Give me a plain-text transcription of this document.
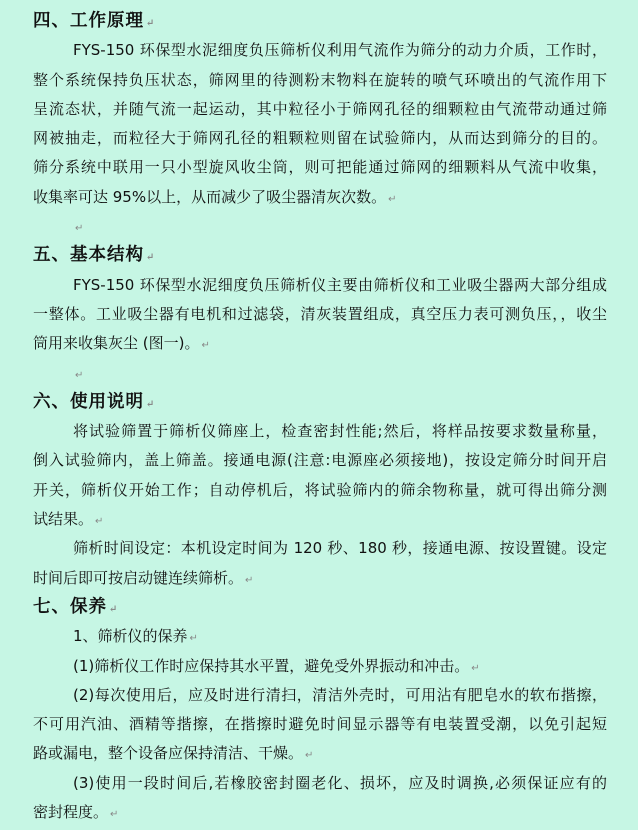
四、工作原理 ↵
FYS-150 环保型水泥细度负压筛析仪利用气流作为筛分的动力介质，工作时，
整个系统保持负压状态，筛网里的待测粉末物料在旋转的喷气环喷出的气流作用下
呈流态状，并随气流一起运动，其中粒径小于筛网孔径的细颗粒由气流带动通过筛
网被抽走，而粒径大于筛网孔径的粗颗粒则留在试验筛内，从而达到筛分的目的。
筛分系统中联用一只小型旋风收尘筒，则可把能通过筛网的细颗料从气流中收集，
收集率可达 95%以上，从而减少了吸尘器清灰次数。 ↵
↵
五、基本结构 ↵
FYS-150 环保型水泥细度负压筛析仪主要由筛析仪和工业吸尘器两大部分组成
一整体。工业吸尘器有电机和过滤袋，清灰装置组成，真空压力表可测负压，，收尘
筒用来收集灰尘 (图一)。 ↵
↵
六、使用说明 ↵
将试验筛置于筛析仪筛座上，检查密封性能;然后，将样品按要求数量称量，
倒入试验筛内，盖上筛盖。接通电源(注意:电源座必须接地)，按设定筛分时间开启
开关，筛析仪开始工作；自动停机后，将试验筛内的筛余物称量，就可得出筛分测
试结果。 ↵
筛析时间设定：本机设定时间为 120 秒、180 秒，接通电源、按设置键。设定
时间后即可按启动键连续筛析。 ↵
七、保养 ↵
1、筛析仪的保养 ↵
(1)筛析仪工作时应保持其水平置，避免受外界振动和冲击。 ↵
(2)每次使用后，应及时进行清扫，清洁外壳时，可用沾有肥皂水的软布揩擦，
不可用汽油、酒精等揩擦，在揩擦时避免时间显示器等有电装置受潮，以免引起短
路或漏电，整个设备应保持清洁、干燥。 ↵
(3)使用一段时间后,若橡胶密封圈老化、损坏，应及时调换,必须保证应有的
密封程度。 ↵
